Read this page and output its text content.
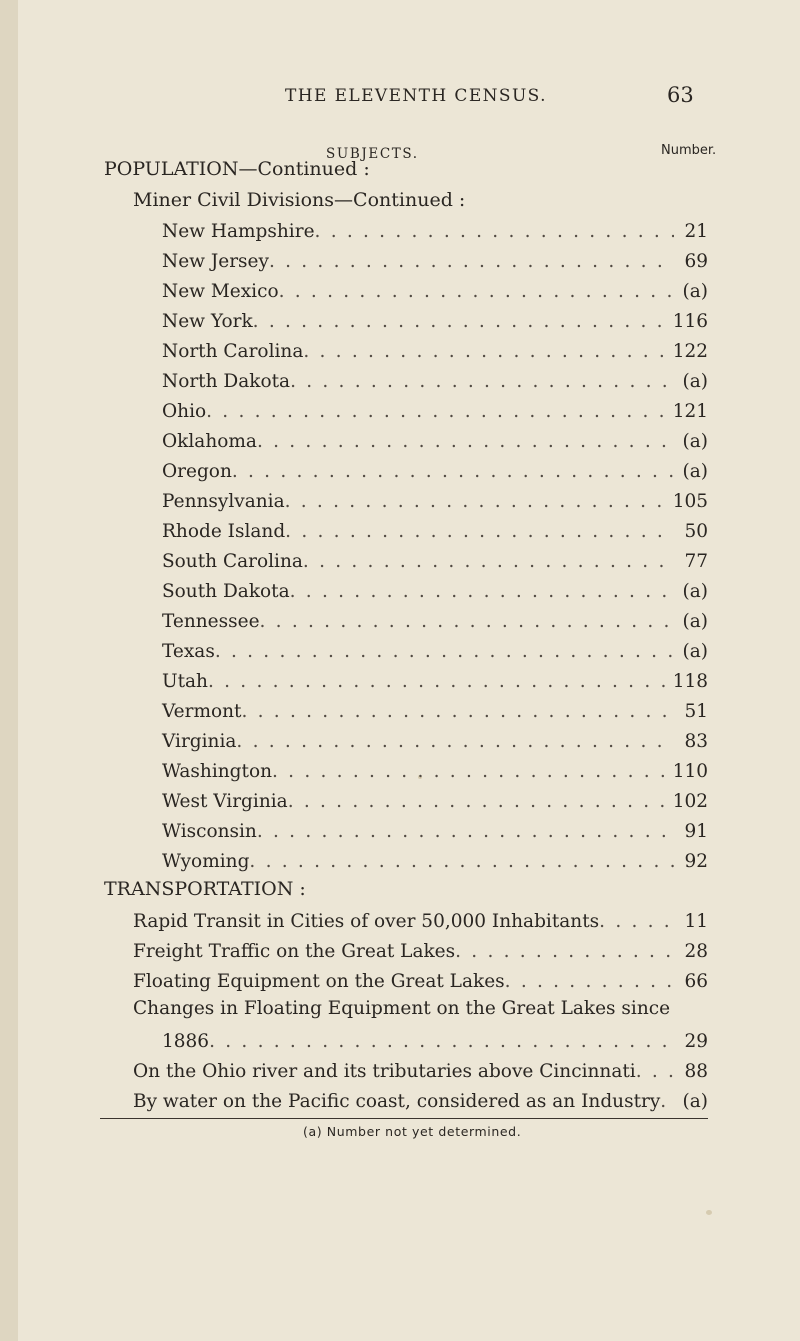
THE ELEVENTH CENSUS.	63
SUBJECTS.	Number.
POPULATION—Continued :
Miner Civil Divisions—Continued :
New Hampshire . . .	21
New Jersey . . .	69
New Mexico . . .	(a)
New York . . .	116
North Carolina . . .	122
North Dakota . . .	(a)
Ohio . . .	121
Oklahoma . . .	(a)
Oregon . . .	(a)
Pennsylvania . . .	105
Rhode Island . . .	50
South Carolina . . .	77
South Dakota . . .	(a)
Tennessee . . .	(a)
Texas . . .	(a)
Utah . . .	118
Vermont . . .	51
Virginia . . .	83
Washington . . .	110
West Virginia . . .	102
Wisconsin . . .	91
Wyoming . . .	92
TRANSPORTATION :
Rapid Transit in Cities of over 50,000 Inhabitants . . .	11
Freight Traffic on the Great Lakes . . .	28
Floating Equipment on the Great Lakes . . .	66
Changes in Floating Equipment on the Great Lakes since
1886 . . .	29
On the Ohio river and its tributaries above Cincinnati . . .	88
By water on the Pacific coast, considered as an Industry . . .	(a)
(a) Number not yet determined.
